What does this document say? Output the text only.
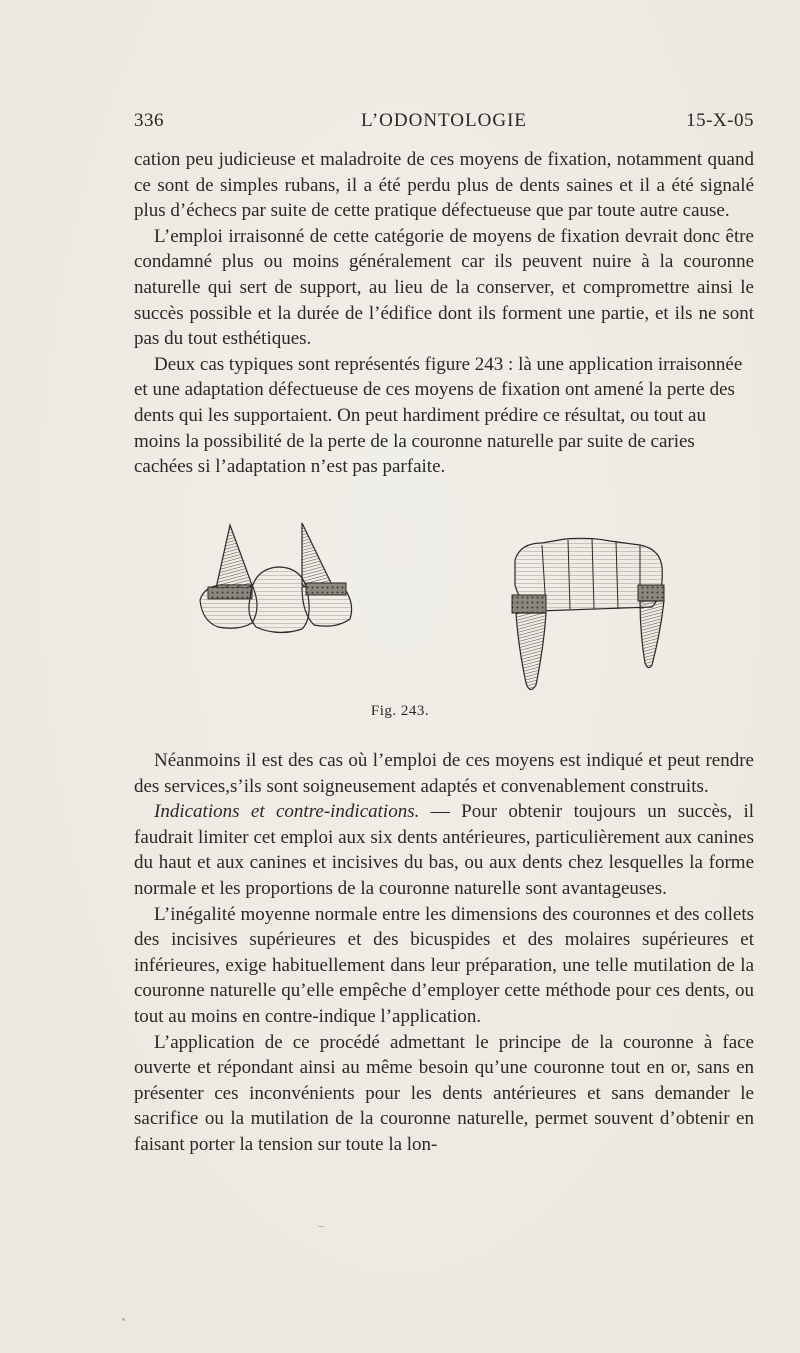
336	L’ODONTOLOGIE	15-X-05

cation peu judicieuse et maladroite de ces moyens de fixation, notamment quand ce sont de simples rubans, il a été perdu plus de dents saines et il a été signalé plus d’échecs par suite de cette pratique défectueuse que par toute autre cause.

L’emploi irraisonné de cette catégorie de moyens de fixation devrait donc être condamné plus ou moins généralement car ils peuvent nuire à la couronne naturelle qui sert de support, au lieu de la conserver, et compromettre ainsi le succès possible et la durée de l’édifice dont ils forment une partie, et ils ne sont pas du tout esthétiques.

Deux cas typiques sont représentés figure 243 : là une application irraisonnée et une adaptation défectueuse de ces moyens de fixation ont amené la perte des dents qui les supportaient. On peut hardiment prédire ce résultat, ou tout au moins la possibilité de la perte de la couronne naturelle par suite de caries cachées si l’adaptation n’est pas parfaite.

Fig. 243.

Néanmoins il est des cas où l’emploi de ces moyens est indiqué et peut rendre des services,s’ils sont soigneusement adaptés et convenablement construits.

Indications et contre-indications. — Pour obtenir toujours un succès, il faudrait limiter cet emploi aux six dents antérieures, particulièrement aux canines du haut et aux canines et incisives du bas, ou aux dents chez lesquelles la forme normale et les proportions de la couronne naturelle sont avantageuses.

L’inégalité moyenne normale entre les dimensions des couronnes et des collets des incisives supérieures et des bicuspides et des molaires supérieures et inférieures, exige habituellement dans leur préparation, une telle mutilation de la couronne naturelle qu’elle empêche d’employer cette méthode pour ces dents, ou tout au moins en contre-indique l’application.

L’application de ce procédé admettant le principe de la couronne à face ouverte et répondant ainsi au même besoin qu’une couronne tout en or, sans en présenter ces inconvénients pour les dents antérieures et sans demander le sacrifice ou la mutilation de la couronne naturelle, permet souvent d’obtenir en faisant porter la tension sur toute la lon-
